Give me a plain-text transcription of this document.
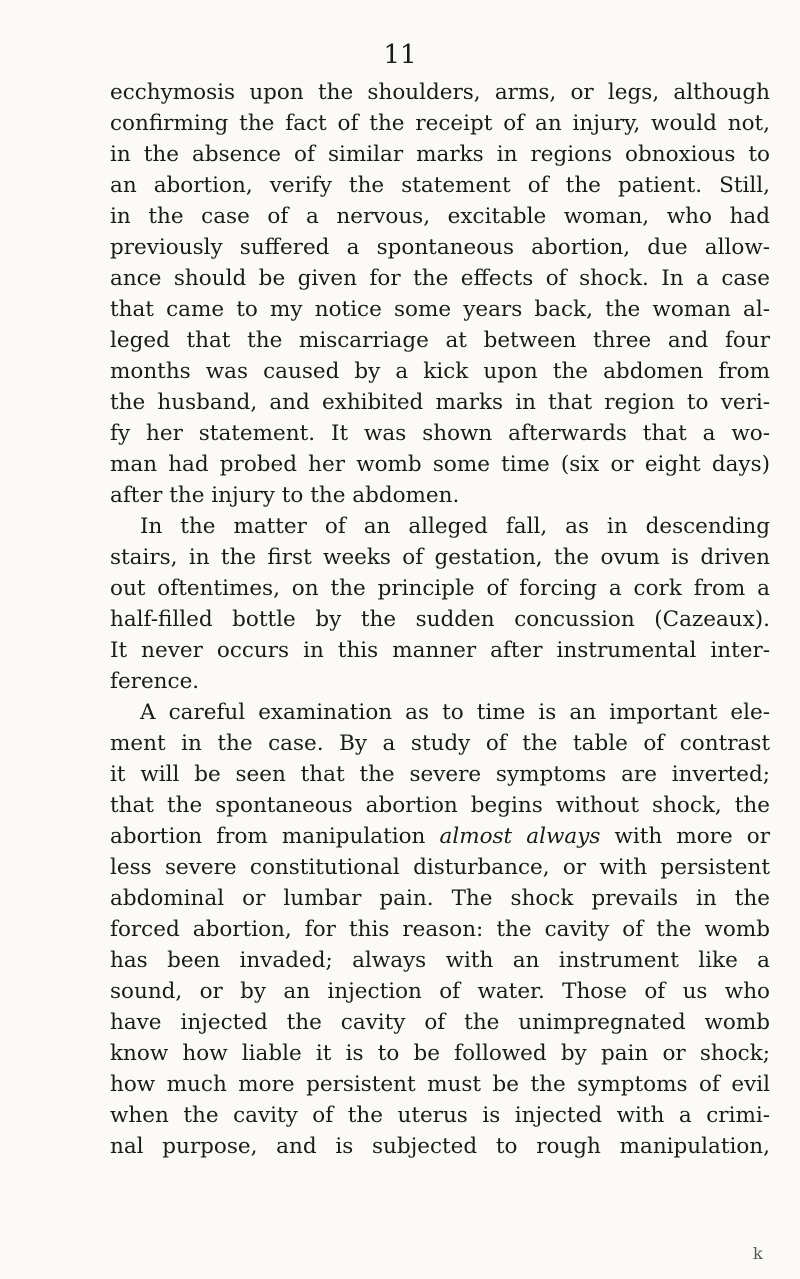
11
ecchymosis upon the shoulders, arms, or legs, although
confirming the fact of the receipt of an injury, would not,
in the absence of similar marks in regions obnoxious to
an abortion, verify the statement of the patient. Still,
in the case of a nervous, excitable woman, who had
previously suffered a spontaneous abortion, due allow-
ance should be given for the effects of shock. In a case
that came to my notice some years back, the woman al-
leged that the miscarriage at between three and four
months was caused by a kick upon the abdomen from
the husband, and exhibited marks in that region to veri-
fy her statement. It was shown afterwards that a wo-
man had probed her womb some time (six or eight days)
after the injury to the abdomen.
In the matter of an alleged fall, as in descending
stairs, in the first weeks of gestation, the ovum is driven
out oftentimes, on the principle of forcing a cork from a
half-filled bottle by the sudden concussion (Cazeaux).
It never occurs in this manner after instrumental inter-
ference.
A careful examination as to time is an important ele-
ment in the case. By a study of the table of contrast
it will be seen that the severe symptoms are inverted;
that the spontaneous abortion begins without shock, the
abortion from manipulation almost always with more or
less severe constitutional disturbance, or with persistent
abdominal or lumbar pain. The shock prevails in the
forced abortion, for this reason: the cavity of the womb
has been invaded; always with an instrument like a
sound, or by an injection of water. Those of us who
have injected the cavity of the unimpregnated womb
know how liable it is to be followed by pain or shock;
how much more persistent must be the symptoms of evil
when the cavity of the uterus is injected with a crimi-
nal purpose, and is subjected to rough manipulation,
k
